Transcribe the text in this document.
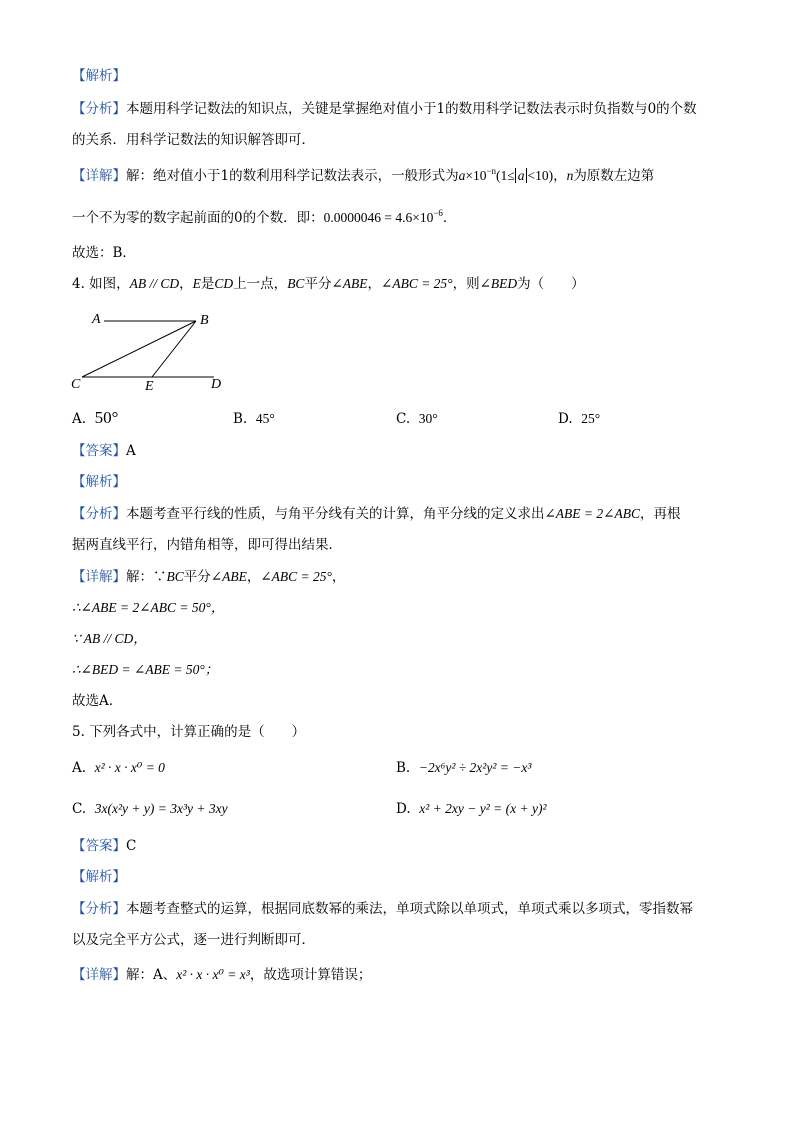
【解析】
【分析】本题用科学记数法的知识点，关键是掌握绝对值小于1的数用科学记数法表示时负指数与0的个数
的关系．用科学记数法的知识解答即可．
【详解】解：绝对值小于1的数利用科学记数法表示，一般形式为$a\times 10^{-n}(1\le a <10)$，n为原数左边第
一个不为零的数字起前面的0的个数．即：$0.0000046 = 4.6\times 10^{-6}$．
故选：B．
4. 如图，AB // CD，E是CD上一点，BC平分∠ABE，∠ABC = 25°，则∠BED为（　　）
A	B
C	E	D
A. 50°	B. 45°	C. 30°	D. 25°
【答案】A
【解析】
【分析】本题考查平行线的性质，与角平分线有关的计算，角平分线的定义求出∠ABE = 2∠ABC，再根
据两直线平行，内错角相等，即可得出结果．
【详解】解：∵BC平分∠ABE，∠ABC = 25°，
∴∠ABE = 2∠ABC = 50°，
∵ AB // CD，
∴∠BED = ∠ABE = 50°；
故选A．
5. 下列各式中，计算正确的是（　　）
A. x² · x · x⁰ = 0	B. −2x⁶y² ÷ 2x²y² = −x³
C. 3x(x²y + y) = 3x³y + 3xy	D. x² + 2xy − y² = (x + y)²
【答案】C
【解析】
【分析】本题考查整式的运算，根据同底数幂的乘法，单项式除以单项式，单项式乘以多项式，零指数幂
以及完全平方公式，逐一进行判断即可．
【详解】解：A、x² · x · x⁰ = x³，故选项计算错误；
